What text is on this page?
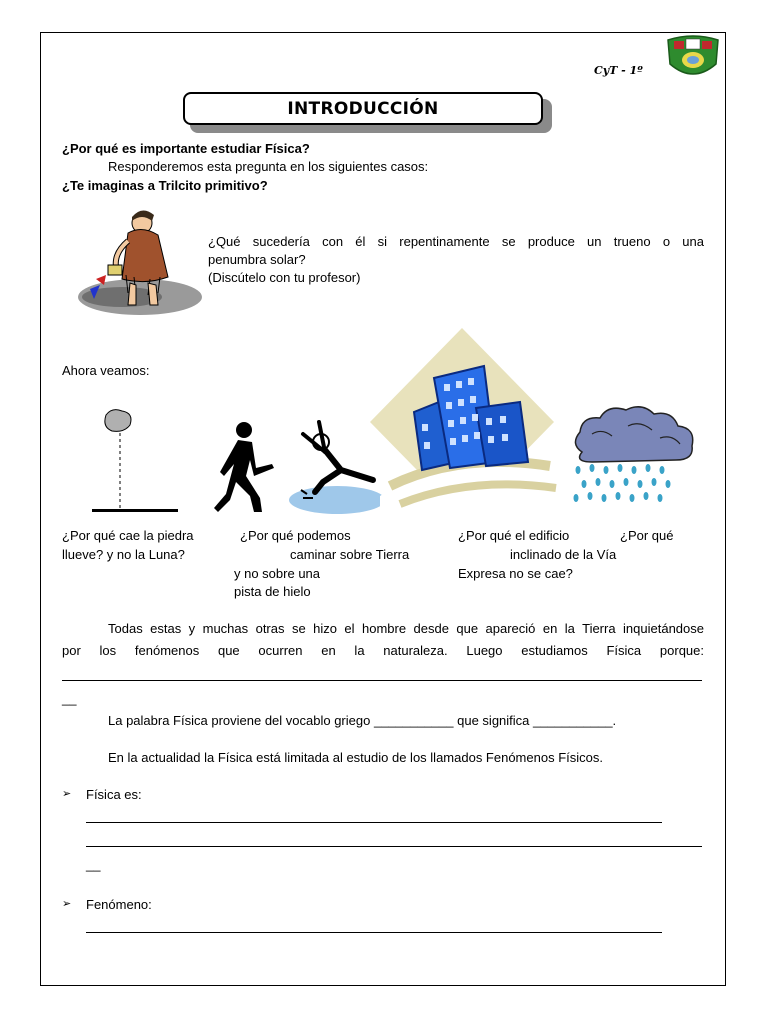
CyT - 1º
INTRODUCCIÓN
¿Por qué es importante estudiar Física?
Responderemos esta pregunta en los siguientes casos:
¿Te imaginas a Trilcito primitivo?
¿Qué sucedería con él si repentinamente se produce un trueno o una
penumbra solar?
(Discútelo con tu profesor)
Ahora veamos:
¿Por qué cae la piedra
llueve? y no la Luna?
¿Por qué podemos
caminar sobre Tierra
y no sobre una
pista de hielo
¿Por qué el edificio
inclinado de la Vía
Expresa no se cae?
¿Por qué
Todas estas y muchas otras se hizo el hombre desde que apareció en la Tierra inquietándose
por los fenómenos que ocurren en la naturaleza. Luego estudiamos Física porque:
__
La palabra Física proviene del vocablo griego ___________ que significa ___________.
En la actualidad la Física está limitada al estudio de los llamados Fenómenos Físicos.
➢ Física es:
__
➢ Fenómeno:
